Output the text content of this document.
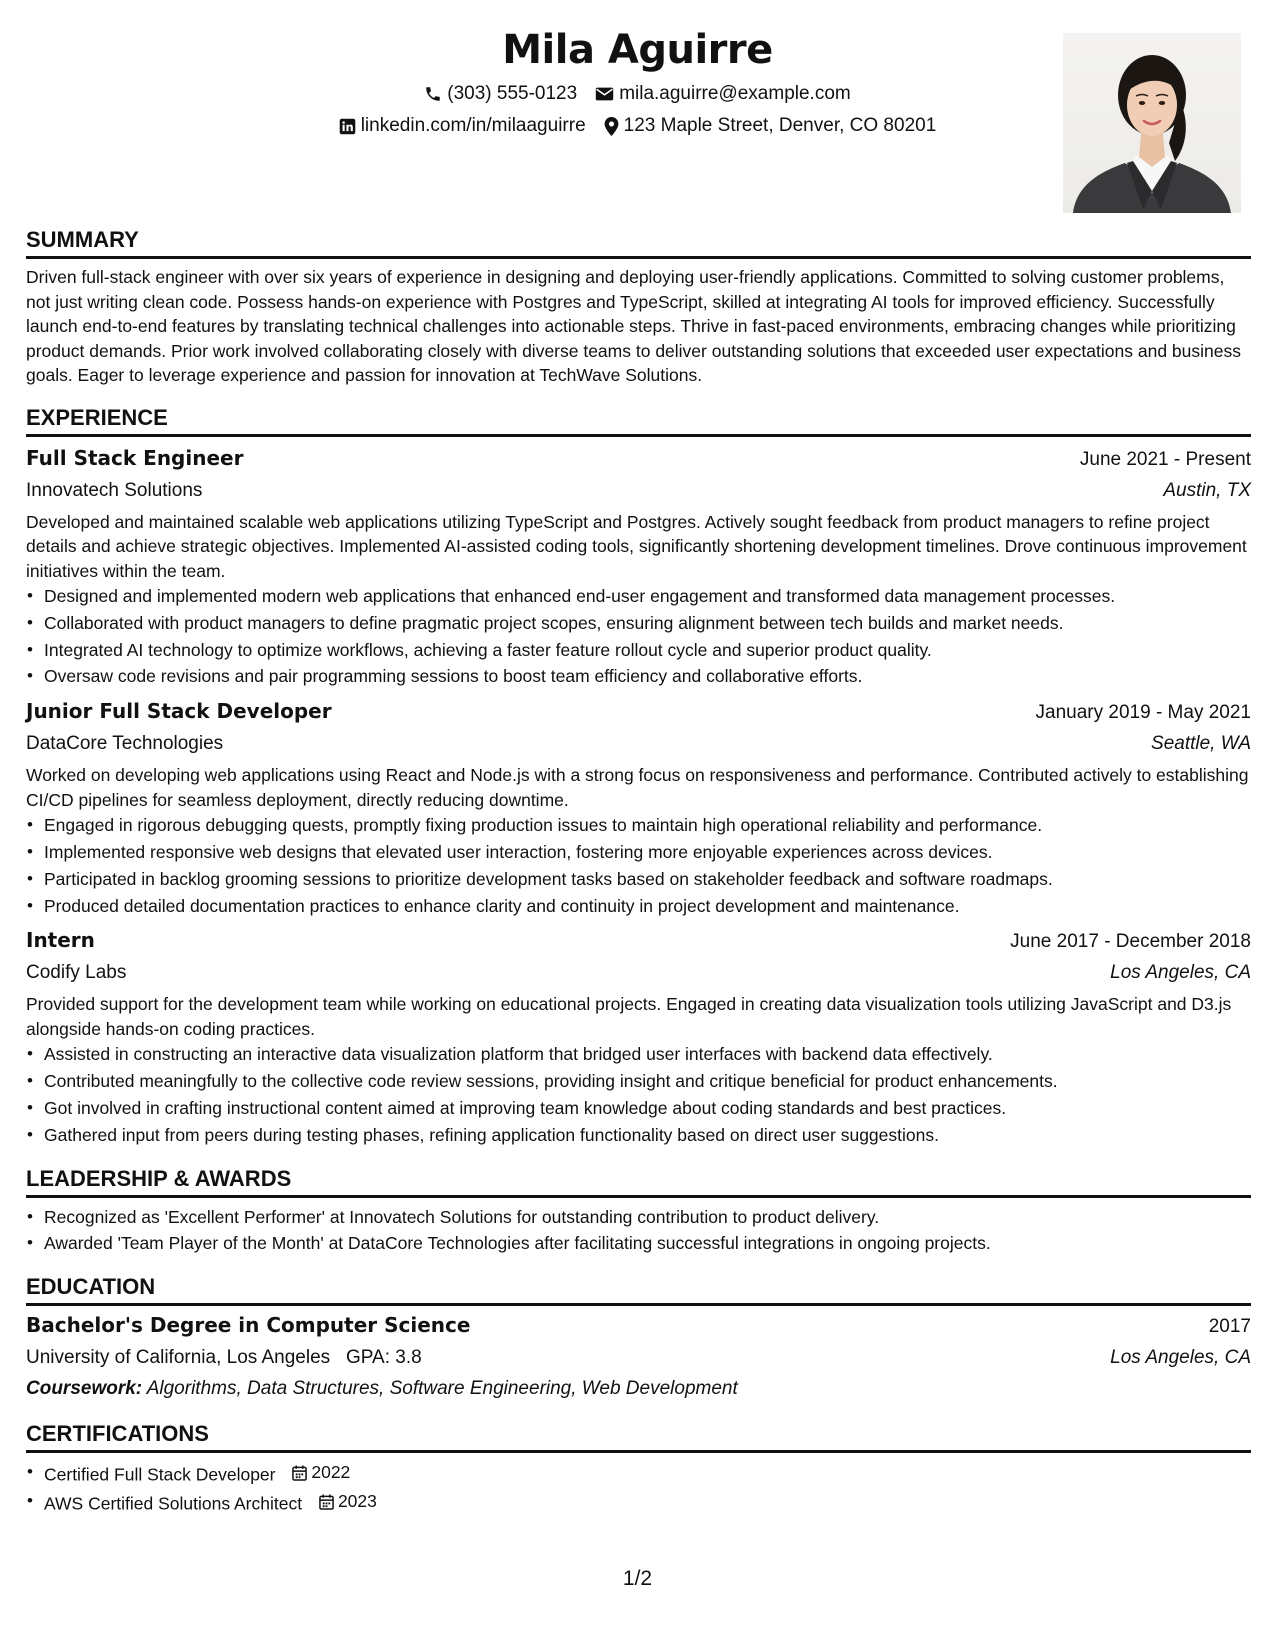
Mila Aguirre
(303) 555-0123 mila.aguirre@example.com
linkedin.com/in/milaaguirre 123 Maple Street, Denver, CO 80201
SUMMARY

Driven full-stack engineer with over six years of experience in designing and deploying user-friendly applications. Committed to solving customer problems, not just writing clean code. Possess hands-on experience with Postgres and TypeScript, skilled at integrating AI tools for improved efficiency. Successfully launch end-to-end features by translating technical challenges into actionable steps. Thrive in fast-paced environments, embracing changes while prioritizing product demands. Prior work involved collaborating closely with diverse teams to deliver outstanding solutions that exceeded user expectations and business goals. Eager to leverage experience and passion for innovation at TechWave Solutions.

EXPERIENCE
Full Stack Engineer	June 2021 - Present
Innovatech Solutions	Austin, TX

Developed and maintained scalable web applications utilizing TypeScript and Postgres. Actively sought feedback from product managers to refine project details and achieve strategic objectives. Implemented AI-assisted coding tools, significantly shortening development timelines. Drove continuous improvement initiatives within the team.

• Designed and implemented modern web applications that enhanced end-user engagement and transformed data management processes.
• Collaborated with product managers to define pragmatic project scopes, ensuring alignment between tech builds and market needs.
• Integrated AI technology to optimize workflows, achieving a faster feature rollout cycle and superior product quality.
• Oversaw code revisions and pair programming sessions to boost team efficiency and collaborative efforts.
Junior Full Stack Developer	January 2019 - May 2021
DataCore Technologies	Seattle, WA

Worked on developing web applications using React and Node.js with a strong focus on responsiveness and performance. Contributed actively to establishing CI/CD pipelines for seamless deployment, directly reducing downtime.

• Engaged in rigorous debugging quests, promptly fixing production issues to maintain high operational reliability and performance.
• Implemented responsive web designs that elevated user interaction, fostering more enjoyable experiences across devices.
• Participated in backlog grooming sessions to prioritize development tasks based on stakeholder feedback and software roadmaps.
• Produced detailed documentation practices to enhance clarity and continuity in project development and maintenance.
Intern	June 2017 - December 2018
Codify Labs	Los Angeles, CA

Provided support for the development team while working on educational projects. Engaged in creating data visualization tools utilizing JavaScript and D3.js alongside hands-on coding practices.

• Assisted in constructing an interactive data visualization platform that bridged user interfaces with backend data effectively.
• Contributed meaningfully to the collective code review sessions, providing insight and critique beneficial for product enhancements.
• Got involved in crafting instructional content aimed at improving team knowledge about coding standards and best practices.
• Gathered input from peers during testing phases, refining application functionality based on direct user suggestions.
LEADERSHIP & AWARDS
• Recognized as 'Excellent Performer' at Innovatech Solutions for outstanding contribution to product delivery.
• Awarded 'Team Player of the Month' at DataCore Technologies after facilitating successful integrations in ongoing projects.
EDUCATION
Bachelor's Degree in Computer Science	2017
University of California, Los Angeles GPA: 3.8	Los Angeles, CA
Coursework: Algorithms, Data Structures, Software Engineering, Web Development
CERTIFICATIONS
• Certified Full Stack Developer 2022
• AWS Certified Solutions Architect 2023
1/2
